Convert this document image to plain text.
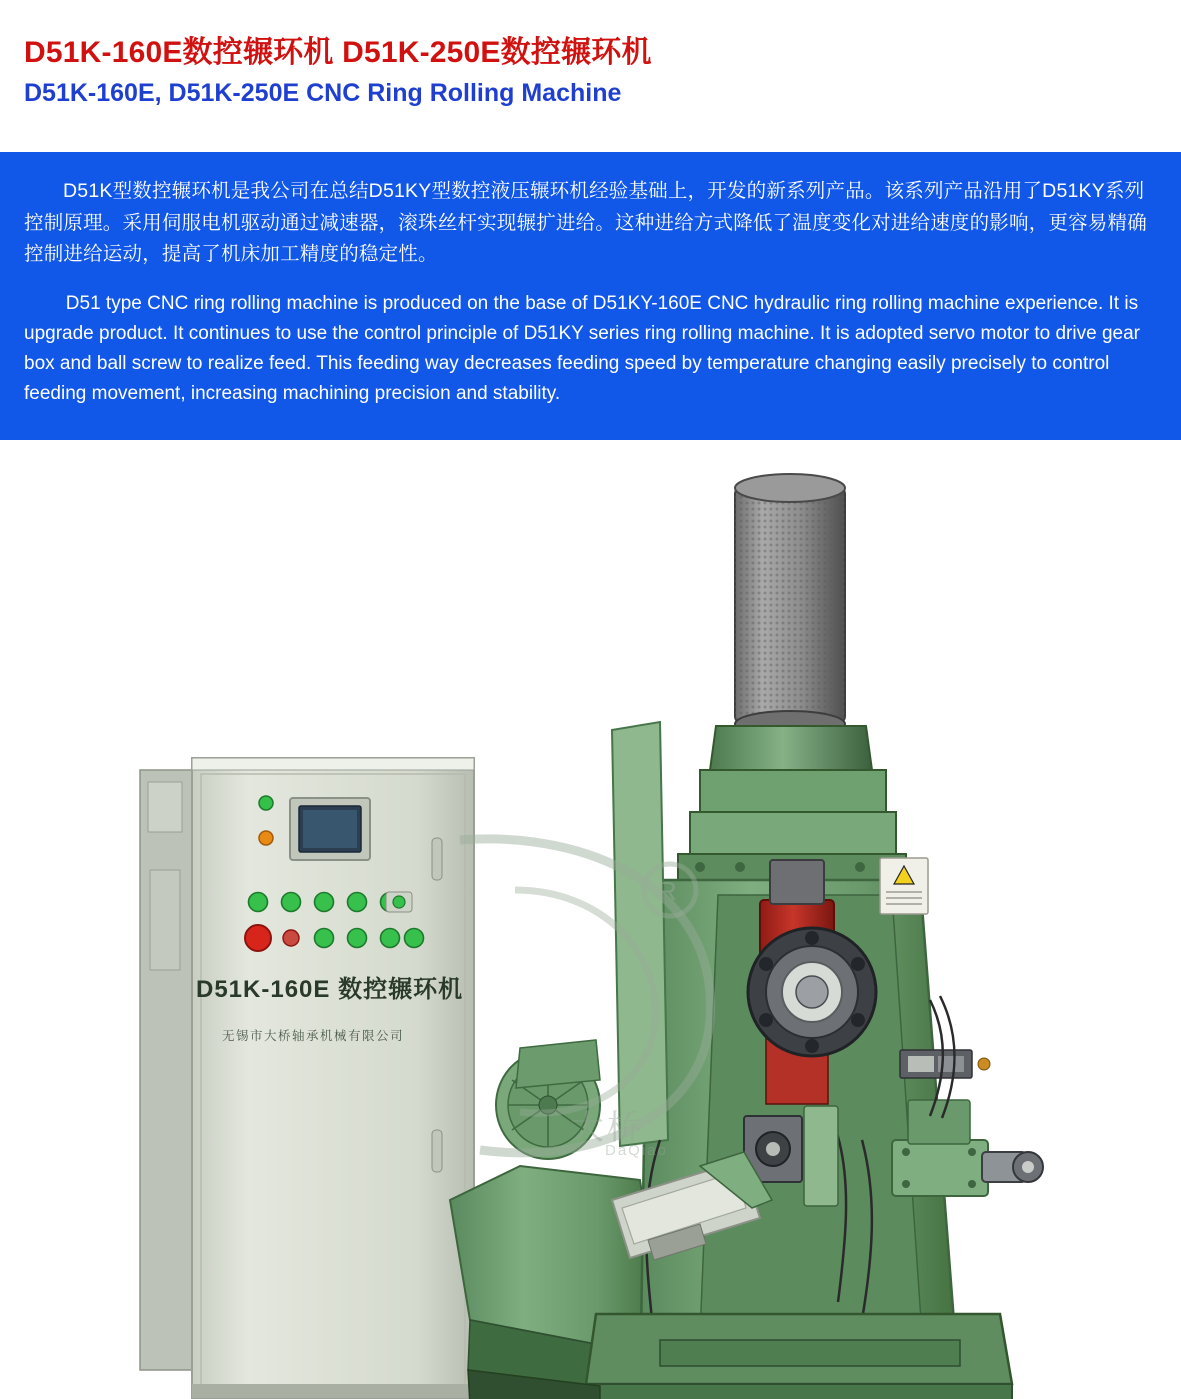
D51K-160E数控辗环机 D51K-250E数控辗环机
D51K-160E, D51K-250E CNC Ring Rolling Machine

D51K型数控辗环机是我公司在总结D51KY型数控液压辗环机经验基础上，开发的新系列产品。该系列产品沿用了D51KY系列控制原理。采用伺服电机驱动通过减速器，滚珠丝杆实现辗扩进给。这种进给方式降低了温度变化对进给速度的影响，更容易精确控制进给运动，提高了机床加工精度的稳定性。

D51 type CNC ring rolling machine is produced on the base of D51KY-160E CNC hydraulic ring rolling machine experience. It is upgrade product. It continues to use the control principle of D51KY series ring rolling machine. It is adopted servo motor to drive gear box and ball screw to realize feed. This feeding way decreases feeding speed by temperature changing easily precisely to control feeding movement, increasing machining precision and stability.

R
大桥
DaQiao
D51K-160E 数控辗环机
无锡市大桥轴承机械有限公司
